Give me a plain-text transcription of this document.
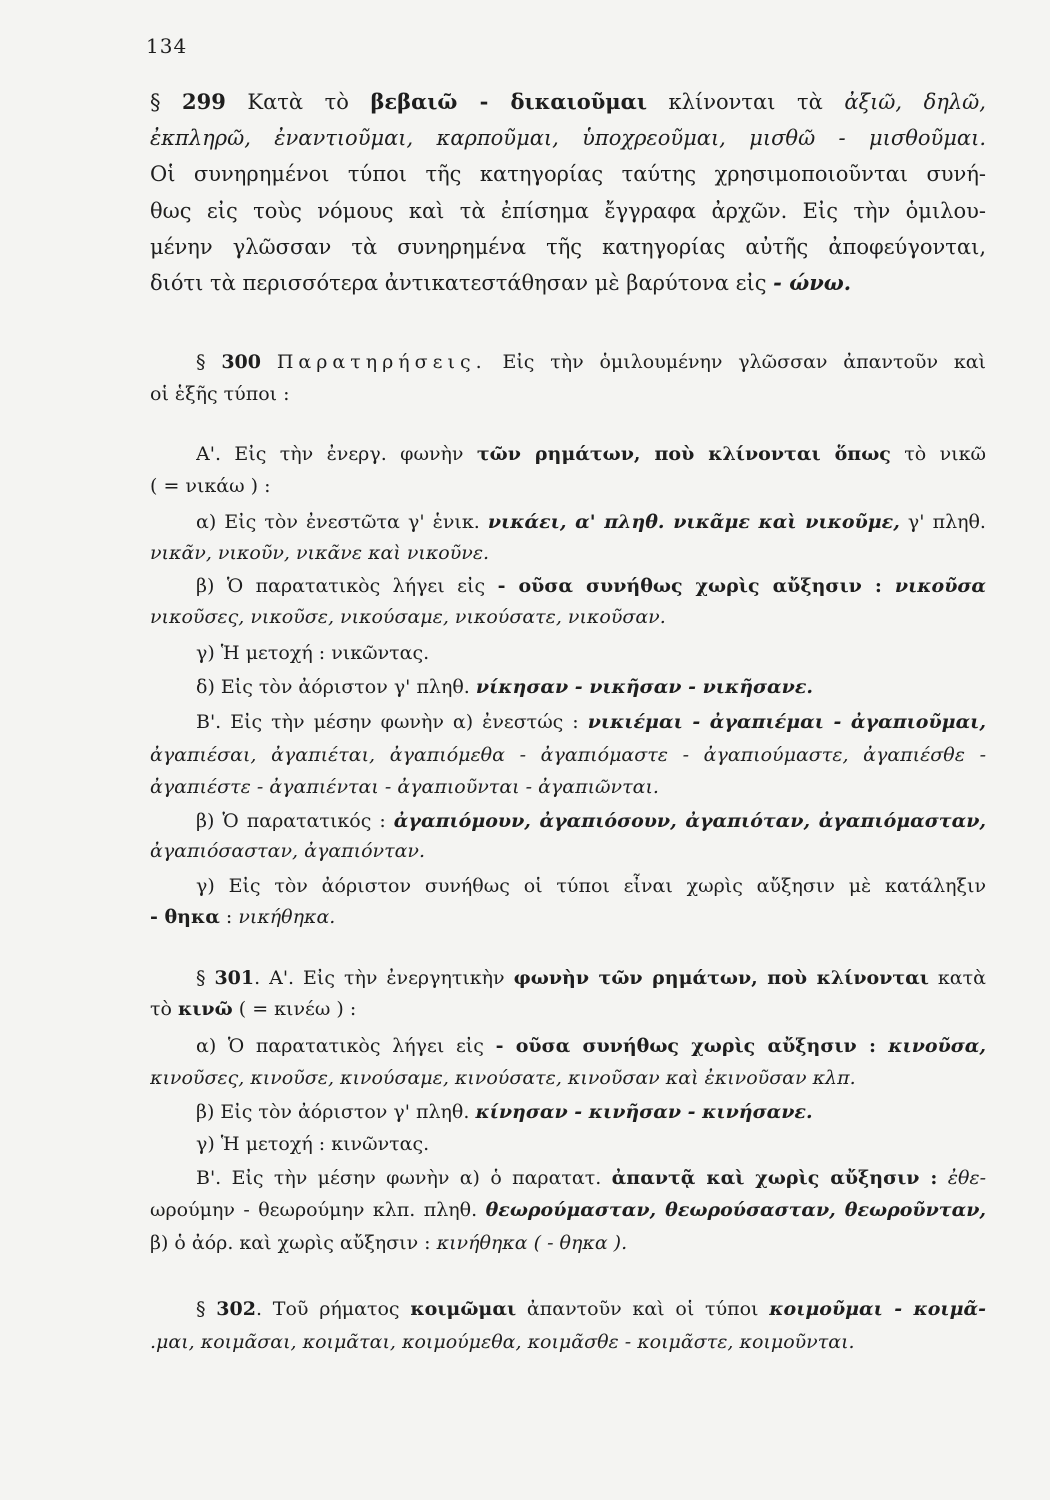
134
§ 299 Κατὰ τὸ βεβαιῶ - δικαιοῦμαι κλίνονται τὰ ἀξιῶ, δηλῶ,
ἐκπληρῶ, ἐναντιοῦμαι, καρποῦμαι, ὑποχρεοῦμαι, μισθῶ - μισθοῦμαι.
Οἱ συνηρημένοι τύποι τῆς κατηγορίας ταύτης χρησιμοποιοῦνται συνή-
θως εἰς τοὺς νόμους καὶ τὰ ἐπίσημα ἔγγραφα ἀρχῶν. Εἰς τὴν ὁμιλου-
μένην γλῶσσαν τὰ συνηρημένα τῆς κατηγορίας αὐτῆς ἀποφεύγονται,
διότι τὰ περισσότερα ἀντικατεστάθησαν μὲ βαρύτονα εἰς - ώνω.
§ 300 Παρατηρήσεις. Εἰς τὴν ὁμιλουμένην γλῶσσαν ἀπαντοῦν καὶ
οἱ ἑξῆς τύποι :
Α'. Εἰς τὴν ἐνεργ. φωνὴν τῶν ρημάτων, ποὺ κλίνονται ὅπως τὸ νικῶ
( = νικάω ) :
α) Εἰς τὸν ἐνεστῶτα γ' ἑνικ. νικάει, α' πληθ. νικᾶμε καὶ νικοῦμε, γ' πληθ.
νικᾶν, νικοῦν, νικᾶνε καὶ νικοῦνε.
β) Ὁ παρατατικὸς λήγει εἰς - οῦσα συνήθως χωρὶς αὔξησιν : νικοῦσα
νικοῦσες, νικοῦσε, νικούσαμε, νικούσατε, νικοῦσαν.
γ) Ἡ μετοχή : νικῶντας.
δ) Εἰς τὸν ἀόριστον γ' πληθ. νίκησαν - νικῆσαν - νικῆσανε.
Β'. Εἰς τὴν μέσην φωνὴν α) ἐνεστώς : νικιέμαι - ἀγαπιέμαι - ἀγαπιοῦμαι,
ἀγαπιέσαι, ἀγαπιέται, ἀγαπιόμεθα - ἀγαπιόμαστε - ἀγαπιούμαστε, ἀγαπιέσθε -
ἀγαπιέστε - ἀγαπιένται - ἀγαπιοῦνται - ἀγαπιῶνται.
β) Ὁ παρατατικός : ἀγαπιόμουν, ἀγαπιόσουν, ἀγαπιόταν, ἀγαπιόμασταν,
ἀγαπιόσασταν, ἀγαπιόνταν.
γ) Εἰς τὸν ἀόριστον συνήθως οἱ τύποι εἶναι χωρὶς αὔξησιν μὲ κατάληξιν
- θηκα : νικήθηκα.
§ 301. Α'. Εἰς τὴν ἐνεργητικὴν φωνὴν τῶν ρημάτων, ποὺ κλίνονται κατὰ
τὸ κινῶ ( = κινέω ) :
α) Ὁ παρατατικὸς λήγει εἰς - οῦσα συνήθως χωρὶς αὔξησιν : κινοῦσα,
κινοῦσες, κινοῦσε, κινούσαμε, κινούσατε, κινοῦσαν καὶ ἐκινοῦσαν κλπ.
β) Εἰς τὸν ἀόριστον γ' πληθ. κίνησαν - κινῆσαν - κινήσανε.
γ) Ἡ μετοχή : κινῶντας.
Β'. Εἰς τὴν μέσην φωνὴν α) ὁ παρατατ. ἀπαντᾷ καὶ χωρὶς αὔξησιν : ἐθε-
ωρούμην - θεωρούμην κλπ. πληθ. θεωρούμασταν, θεωρούσασταν, θεωροῦνταν,
β) ὁ ἀόρ. καὶ χωρὶς αὔξησιν : κινήθηκα ( - θηκα ).
§ 302. Τοῦ ρήματος κοιμῶμαι ἀπαντοῦν καὶ οἱ τύποι κοιμοῦμαι - κοιμᾶ-
.μαι, κοιμᾶσαι, κοιμᾶται, κοιμούμεθα, κοιμᾶσθε - κοιμᾶστε, κοιμοῦνται.
